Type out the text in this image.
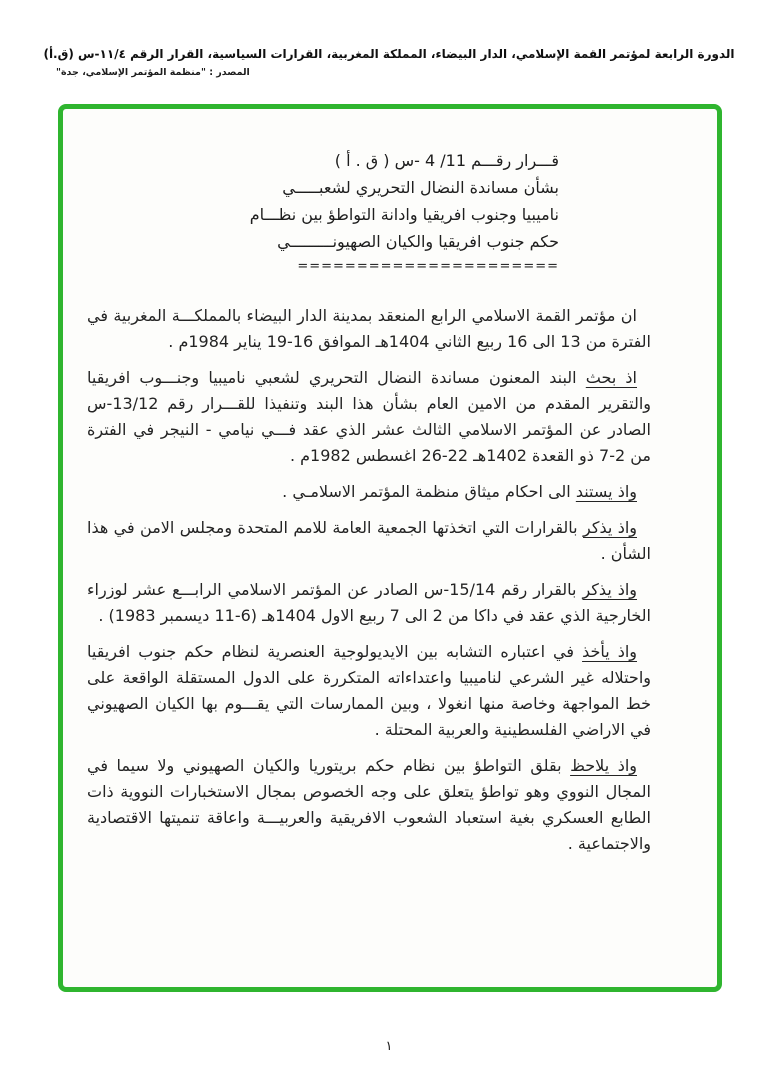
الدورة الرابعة لمؤتمر القمة الإسلامي، الدار البيضاء، المملكة المغربية، القرارات السياسية، القرار الرقم ١١/٤-س (ق.أ)
المصدر : "منظمة المؤتمر الإسلامي، جدة"
قـــرار رقـــم 11/ 4 -س ( ق . أ )
بشأن مساندة النضال التحريري لشعبـــــي
ناميبيا وجنوب افريقيا وادانة التواطؤ بين نظـــام
حكم جنوب افريقيا والكيان الصهيونـــــــــي
======================

ان مؤتمر القمة الاسلامي الرابع المنعقد بمدينة الدار البيضاء بالمملكـــة المغربية في الفترة من 13 الى 16 ربيع الثاني 1404هـ الموافق 16-19 يناير 1984م .

اذ بحث البند المعنون مساندة النضال التحريري لشعبي ناميبيا وجنـــوب افريقيا والتقرير المقدم من الامين العام بشأن هذا البند وتنفيذا للقـــرار رقم 13/12-س الصادر عن المؤتمر الاسلامي الثالث عشر الذي عقد فـــي نيامي - النيجر في الفترة من 2-7 ذو القعدة 1402هـ 22-26 اغسطس 1982م .

واذ يستند الى احكام ميثاق منظمة المؤتمر الاسلامـي .

واذ يذكر بالقرارات التي اتخذتها الجمعية العامة للامم المتحدة ومجلس الامن في هذا الشأن .

واذ يذكر بالقرار رقم 15/14-س الصادر عن المؤتمر الاسلامي الرابـــع عشر لوزراء الخارجية الذي عقد في داكا من 2 الى 7 ربيع الاول 1404هـ (6-11 ديسمبر 1983) .

واذ يأخذ في اعتباره التشابه بين الايديولوجية العنصرية لنظام حكم جنوب افريقيا واحتلاله غير الشرعي لناميبيا واعتداءاته المتكررة على الدول المستقلة الواقعة على خط المواجهة وخاصة منها انغولا ، وبين الممارسات التي يقـــوم بها الكيان الصهيوني في الاراضي الفلسطينية والعربية المحتلة .

واذ يلاحظ بقلق التواطؤ بين نظام حكم بريتوريا والكيان الصهيوني ولا سيما في المجال النووي وهو تواطؤ يتعلق على وجه الخصوص بمجال الاستخبارات النووية ذات الطابع العسكري بغية استعباد الشعوب الافريقية والعربيـــة واعاقة تنميتها الاقتصادية والاجتماعية .

١
